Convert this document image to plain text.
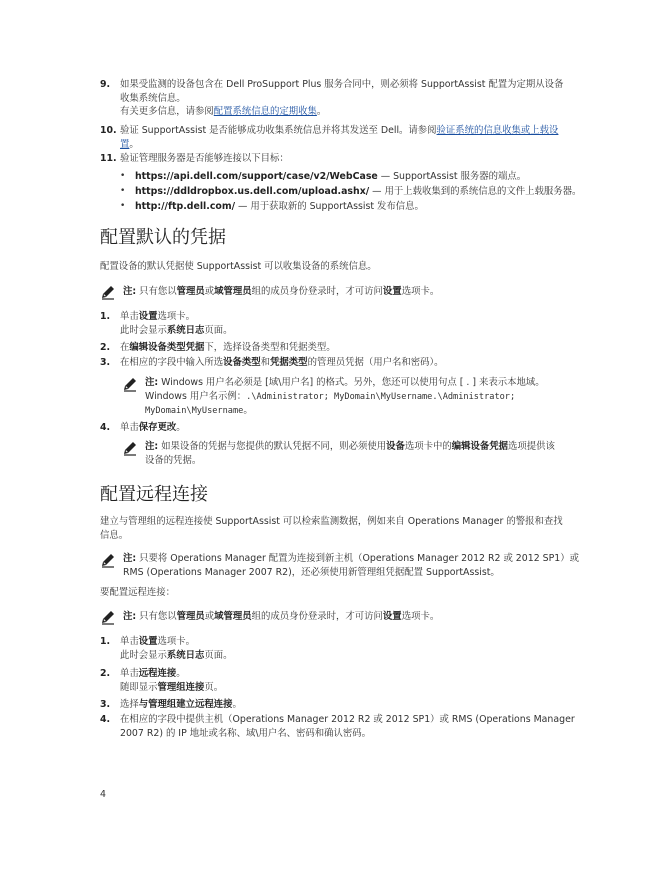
9. 如果受监测的设备包含在 Dell ProSupport Plus 服务合同中，则必须将 SupportAssist 配置为定期从设备
收集系统信息。
有关更多信息，请参阅配置系统信息的定期收集。
10. 验证 SupportAssist 是否能够成功收集系统信息并将其发送至 Dell。请参阅验证系统的信息收集或上载设
置。
11. 验证管理服务器是否能够连接以下目标：
• https://api.dell.com/support/case/v2/WebCase — SupportAssist 服务器的端点。
• https://ddldropbox.us.dell.com/upload.ashx/ — 用于上载收集到的系统信息的文件上载服务器。
• http://ftp.dell.com/ — 用于获取新的 SupportAssist 发布信息。
配置默认的凭据
配置设备的默认凭据使 SupportAssist 可以收集设备的系统信息。
注: 只有您以管理员或域管理员组的成员身份登录时，才可访问设置选项卡。
1. 单击设置选项卡。
此时会显示系统日志页面。
2. 在编辑设备类型凭据下，选择设备类型和凭据类型。
3. 在相应的字段中输入所选设备类型和凭据类型的管理员凭据（用户名和密码）。
注: Windows 用户名必须是 [域\用户名] 的格式。另外，您还可以使用句点 [ . ] 来表示本地域。
Windows 用户名示例：.\Administrator; MyDomain\MyUsername.\Administrator;
MyDomain\MyUsername。
4. 单击保存更改。
注: 如果设备的凭据与您提供的默认凭据不同，则必须使用设备选项卡中的编辑设备凭据选项提供该
设备的凭据。
配置远程连接
建立与管理组的远程连接使 SupportAssist 可以检索监测数据，例如来自 Operations Manager 的警报和查找
信息。
注: 只要将 Operations Manager 配置为连接到新主机（Operations Manager 2012 R2 或 2012 SP1）或
RMS (Operations Manager 2007 R2)，还必须使用新管理组凭据配置 SupportAssist。
要配置远程连接：
注: 只有您以管理员或域管理员组的成员身份登录时，才可访问设置选项卡。
1. 单击设置选项卡。
此时会显示系统日志页面。
2. 单击远程连接。
随即显示管理组连接页。
3. 选择与管理组建立远程连接。
4. 在相应的字段中提供主机（Operations Manager 2012 R2 或 2012 SP1）或 RMS (Operations Manager
2007 R2) 的 IP 地址或名称、域\用户名、密码和确认密码。
4
